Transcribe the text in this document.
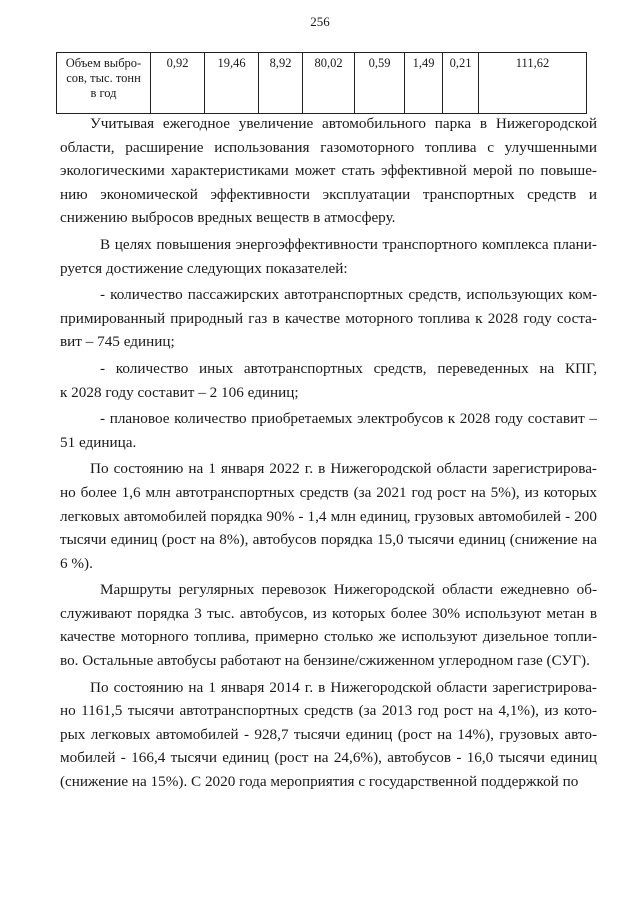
256
Объем выбро-
сов, тыс. тонн
в год	0,92	19,46	8,92	80,02	0,59	1,49	0,21	111,62

Учитывая ежегодное увеличение автомобильного парка в Нижегородской
области, расширение использования газомоторного топлива с улучшенными
экологическими характеристиками может стать эффективной мерой по повыше-
нию экономической эффективности эксплуатации транспортных средств и
снижению выбросов вредных веществ в атмосферу.

В целях повышения энергоэффективности транспортного комплекса плани-
руется достижение следующих показателей:

- количество пассажирских автотранспортных средств, использующих ком-
примированный природный газ в качестве моторного топлива к 2028 году соста-
вит – 745 единиц;

- количество иных автотранспортных средств, переведенных на КПГ,
к 2028 году составит – 2 106 единиц;

- плановое количество приобретаемых электробусов к 2028 году составит –
51 единица.

По состоянию на 1 января 2022 г. в Нижегородской области зарегистрирова-
но более 1,6 млн автотранспортных средств (за 2021 год рост на 5%), из которых
легковых автомобилей порядка 90% - 1,4 млн единиц, грузовых автомобилей - 200
тысячи единиц (рост на 8%), автобусов порядка 15,0 тысячи единиц (снижение на
6 %).

Маршруты регулярных перевозок Нижегородской области ежедневно об-
служивают порядка 3 тыс. автобусов, из которых более 30% используют метан в
качестве моторного топлива, примерно столько же используют дизельное топли-
во. Остальные автобусы работают на бензине/сжиженном углеродном газе (СУГ).

По состоянию на 1 января 2014 г. в Нижегородской области зарегистрирова-
но 1161,5 тысячи автотранспортных средств (за 2013 год рост на 4,1%), из кото-
рых легковых автомобилей - 928,7 тысячи единиц (рост на 14%), грузовых авто-
мобилей - 166,4 тысячи единиц (рост на 24,6%), автобусов - 16,0 тысячи единиц
(снижение на 15%). С 2020 года мероприятия с государственной поддержкой по
